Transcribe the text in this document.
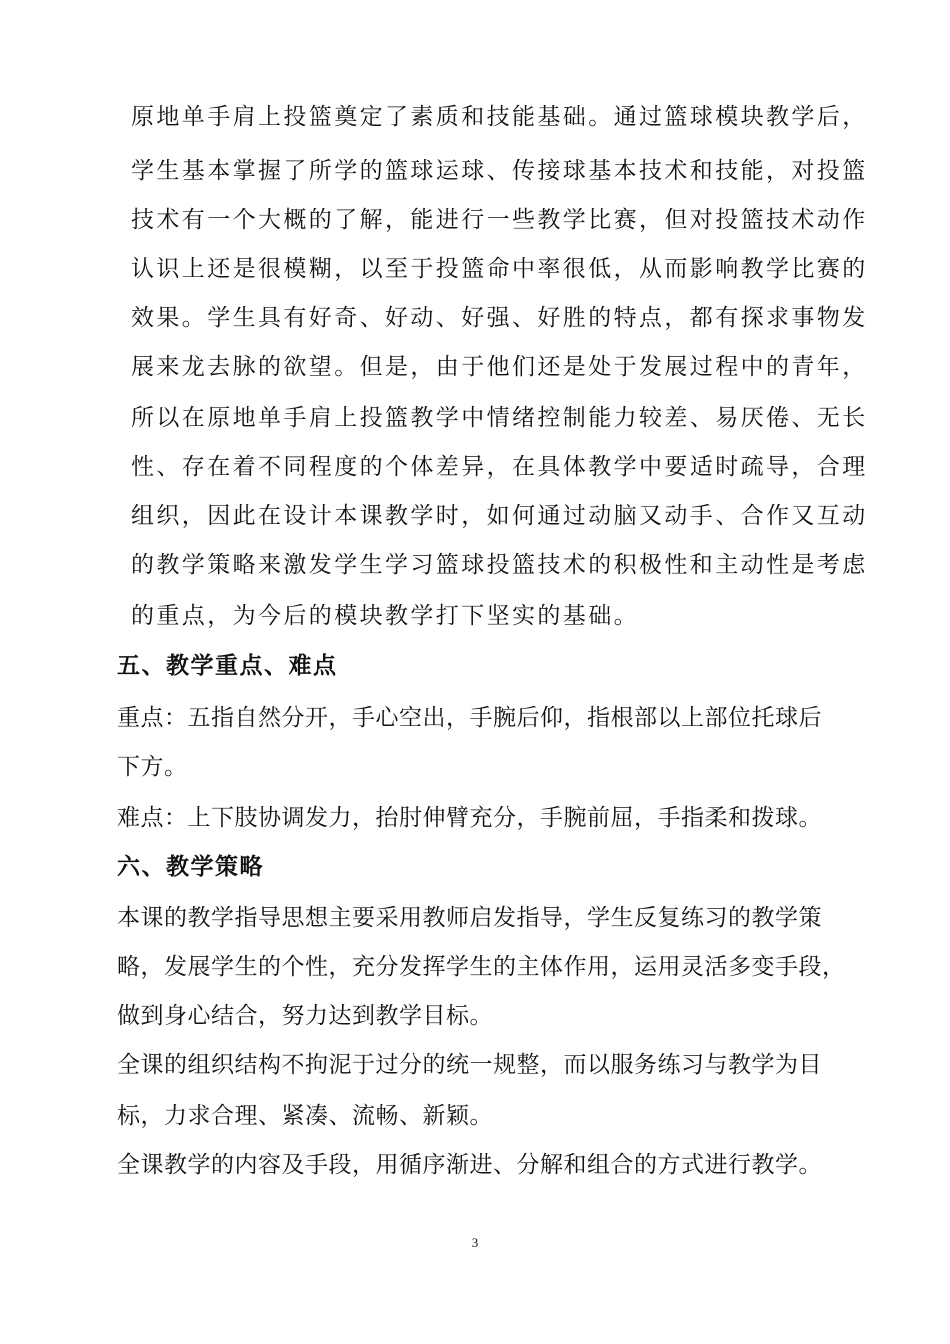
原地单手肩上投篮奠定了素质和技能基础。通过篮球模块教学后，
学生基本掌握了所学的篮球运球、传接球基本技术和技能，对投篮
技术有一个大概的了解，能进行一些教学比赛，但对投篮技术动作
认识上还是很模糊，以至于投篮命中率很低，从而影响教学比赛的
效果。学生具有好奇、好动、好强、好胜的特点，都有探求事物发
展来龙去脉的欲望。但是，由于他们还是处于发展过程中的青年，
所以在原地单手肩上投篮教学中情绪控制能力较差、易厌倦、无长
性、存在着不同程度的个体差异，在具体教学中要适时疏导，合理
组织，因此在设计本课教学时，如何通过动脑又动手、合作又互动
的教学策略来激发学生学习篮球投篮技术的积极性和主动性是考虑
的重点，为今后的模块教学打下坚实的基础。
五、教学重点、难点
重点：五指自然分开，手心空出，手腕后仰，指根部以上部位托球后
下方。
难点：上下肢协调发力，抬肘伸臂充分，手腕前屈，手指柔和拨球。
六、教学策略
本课的教学指导思想主要采用教师启发指导，学生反复练习的教学策
略，发展学生的个性，充分发挥学生的主体作用，运用灵活多变手段，
做到身心结合，努力达到教学目标。
全课的组织结构不拘泥于过分的统一规整，而以服务练习与教学为目
标，力求合理、紧凑、流畅、新颖。
全课教学的内容及手段，用循序渐进、分解和组合的方式进行教学。
3
